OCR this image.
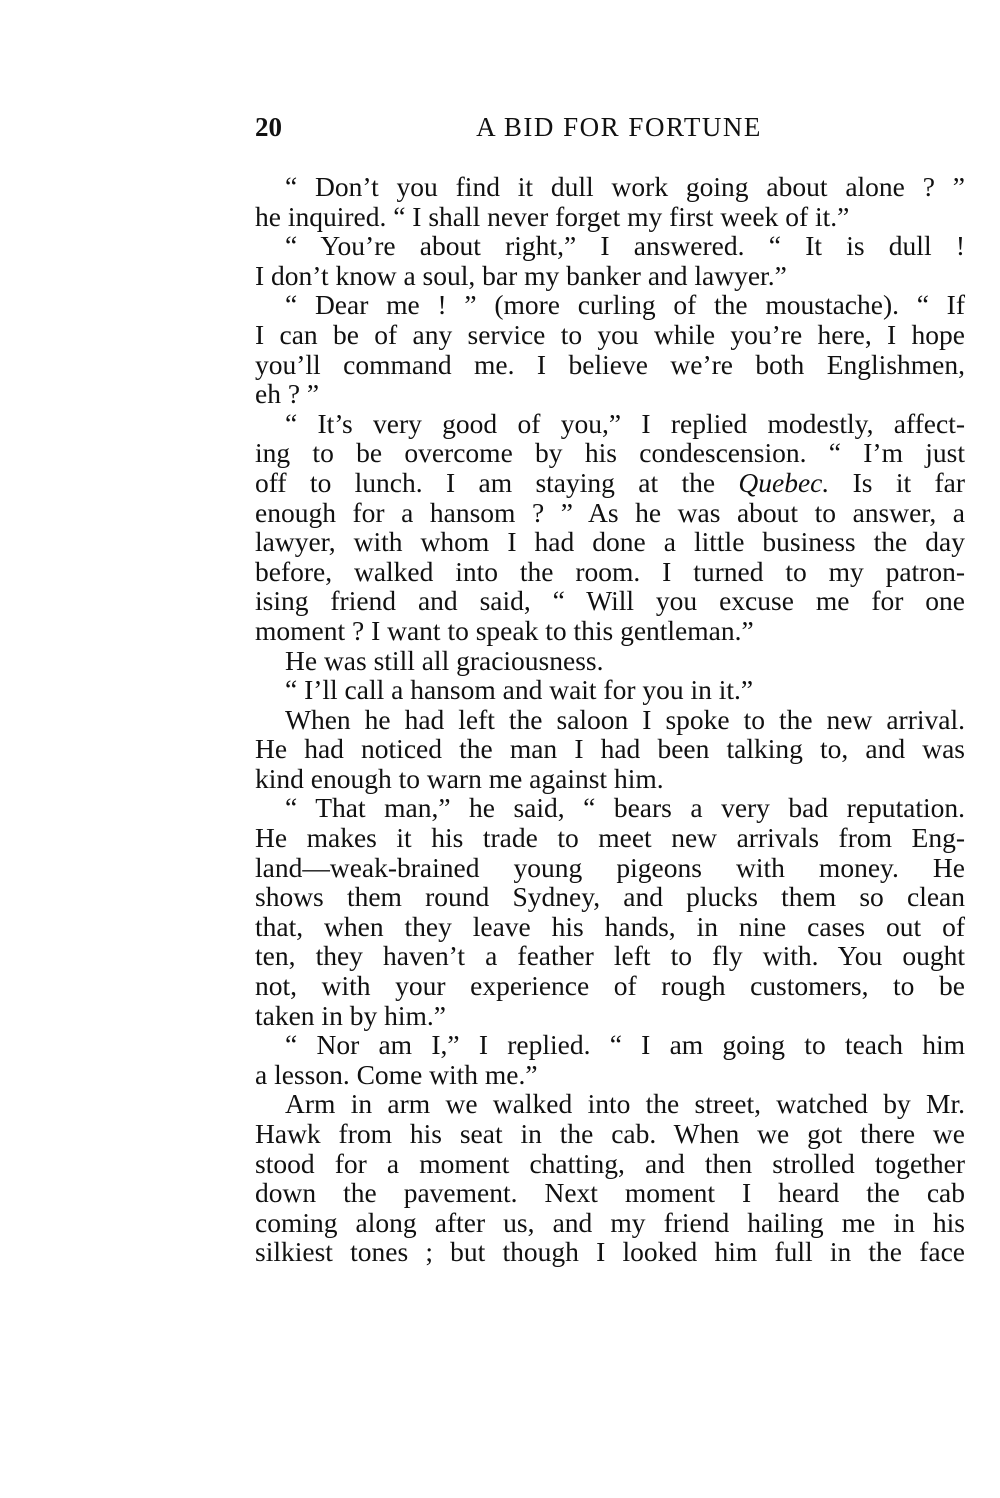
20	A BID FOR FORTUNE
“ Don’t you find it dull work going about alone ? ”
he inquired. “ I shall never forget my first week of it.”
“ You’re about right,” I answered. “ It is dull !
I don’t know a soul, bar my banker and lawyer.”
“ Dear me ! ” (more curling of the moustache). “ If
I can be of any service to you while you’re here, I hope
you’ll command me. I believe we’re both Englishmen,
eh ? ”
“ It’s very good of you,” I replied modestly, affect-
ing to be overcome by his condescension. “ I’m just
off to lunch. I am staying at the Quebec. Is it far
enough for a hansom ? ” As he was about to answer, a
lawyer, with whom I had done a little business the day
before, walked into the room. I turned to my patron-
ising friend and said, “ Will you excuse me for one
moment ? I want to speak to this gentleman.”
He was still all graciousness.
“ I’ll call a hansom and wait for you in it.”
When he had left the saloon I spoke to the new arrival.
He had noticed the man I had been talking to, and was
kind enough to warn me against him.
“ That man,” he said, “ bears a very bad reputation.
He makes it his trade to meet new arrivals from Eng-
land—weak-brained young pigeons with money. He
shows them round Sydney, and plucks them so clean
that, when they leave his hands, in nine cases out of
ten, they haven’t a feather left to fly with. You ought
not, with your experience of rough customers, to be
taken in by him.”
“ Nor am I,” I replied. “ I am going to teach him
a lesson. Come with me.”
Arm in arm we walked into the street, watched by Mr.
Hawk from his seat in the cab. When we got there we
stood for a moment chatting, and then strolled together
down the pavement. Next moment I heard the cab
coming along after us, and my friend hailing me in his
silkiest tones ; but though I looked him full in the face
